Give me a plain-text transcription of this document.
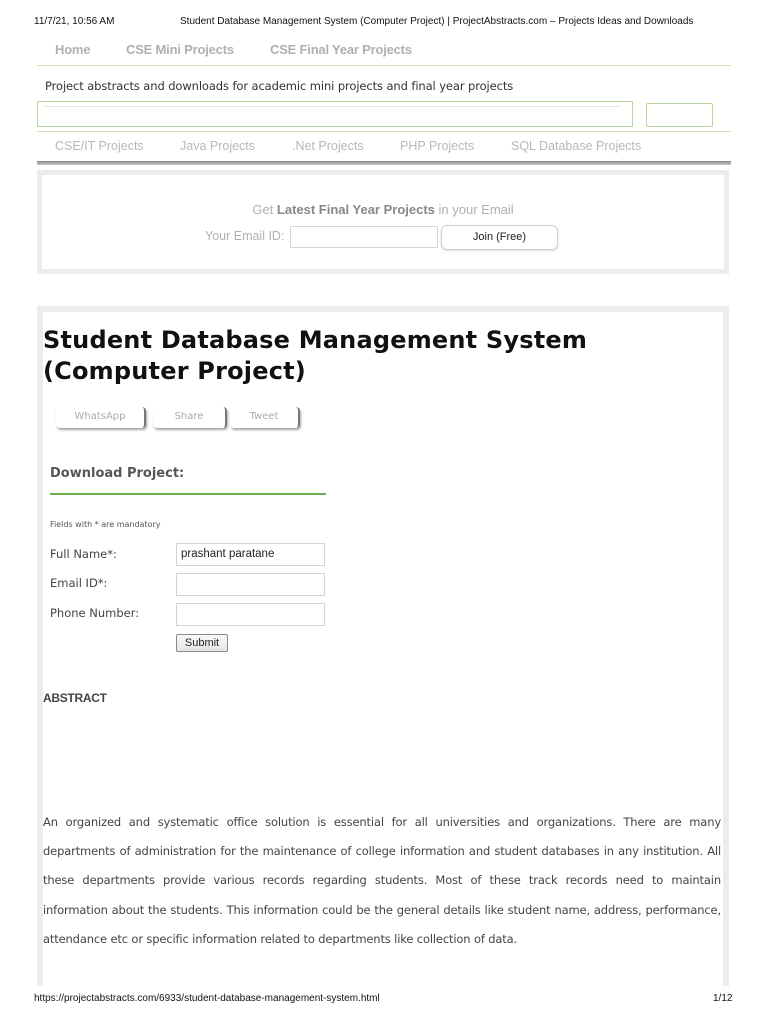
11/7/21, 10:56 AM	Student Database Management System (Computer Project) | ProjectAbstracts.com – Projects Ideas and Downloads
Home	CSE Mini Projects	CSE Final Year Projects
Project abstracts and downloads for academic mini projects and final year projects
CSE/IT Projects	Java Projects	.Net Projects	PHP Projects	SQL Database Projects
Get Latest Final Year Projects in your Email
Your Email ID:	Join (Free)
Student Database Management System (Computer Project)
WhatsApp	Share	Tweet
Download Project:
Fields with * are mandatory
Full Name*:	prashant paratane
Email ID*:
Phone Number:
Submit
ABSTRACT

An organized and systematic office solution is essential for all universities and organizations. There are many departments of administration for the maintenance of college information and student databases in any institution. All these departments provide various records regarding students. Most of these track records need to maintain information about the students. This information could be the general details like student name, address, performance, attendance etc or specific information related to departments like collection of data.

https://projectabstracts.com/6933/student-database-management-system.html	1/12
